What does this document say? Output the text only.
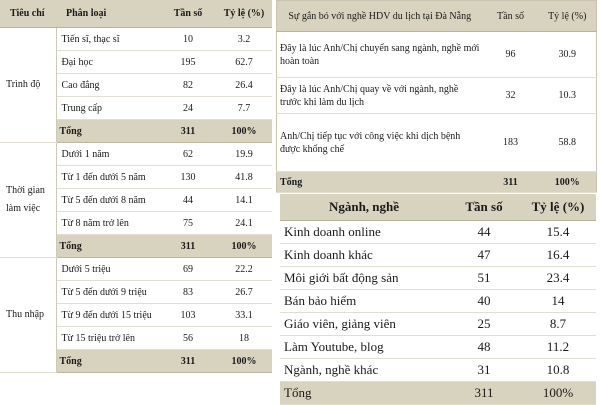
Tiêu chí	Phân loại	Tần số	Tỷ lệ (%)
Trình độ	Tiến sĩ, thạc sĩ	10	3.2
	Đại học	195	62.7
	Cao đẳng	82	26.4
	Trung cấp	24	7.7
	Tổng	311	100%
Thời gian làm việc	Dưới 1 năm	62	19.9
	Từ 1 đến dưới 5 năm	130	41.8
	Từ 5 đến dưới 8 năm	44	14.1
	Từ 8 năm trở lên	75	24.1
	Tổng	311	100%
Thu nhập	Dưới 5 triệu	69	22.2
	Từ 5 đến dưới 9 triệu	83	26.7
	Từ 9 đến dưới 15 triệu	103	33.1
	Từ 15 triệu trở lên	56	18
	Tổng	311	100%
Sự gắn bó với nghề HDV du lịch tại Đà Nẵng	Tần số	Tỷ lệ (%)
Đây là lúc Anh/Chị chuyển sang ngành, nghề mới hoàn toàn	96	30.9
Đây là lúc Anh/Chị quay về với ngành, nghề trước khi làm du lịch	32	10.3
Anh/Chị tiếp tục với công việc khi dịch bệnh được khống chế	183	58.8
Tổng	311	100%
Ngành, nghề	Tần số	Tỷ lệ (%)
Kinh doanh online	44	15.4
Kinh doanh khác	47	16.4
Môi giới bất động sản	51	23.4
Bán bảo hiểm	40	14
Giáo viên, giảng viên	25	8.7
Làm Youtube, blog	48	11.2
Ngành, nghề khác	31	10.8
Tổng	311	100%
